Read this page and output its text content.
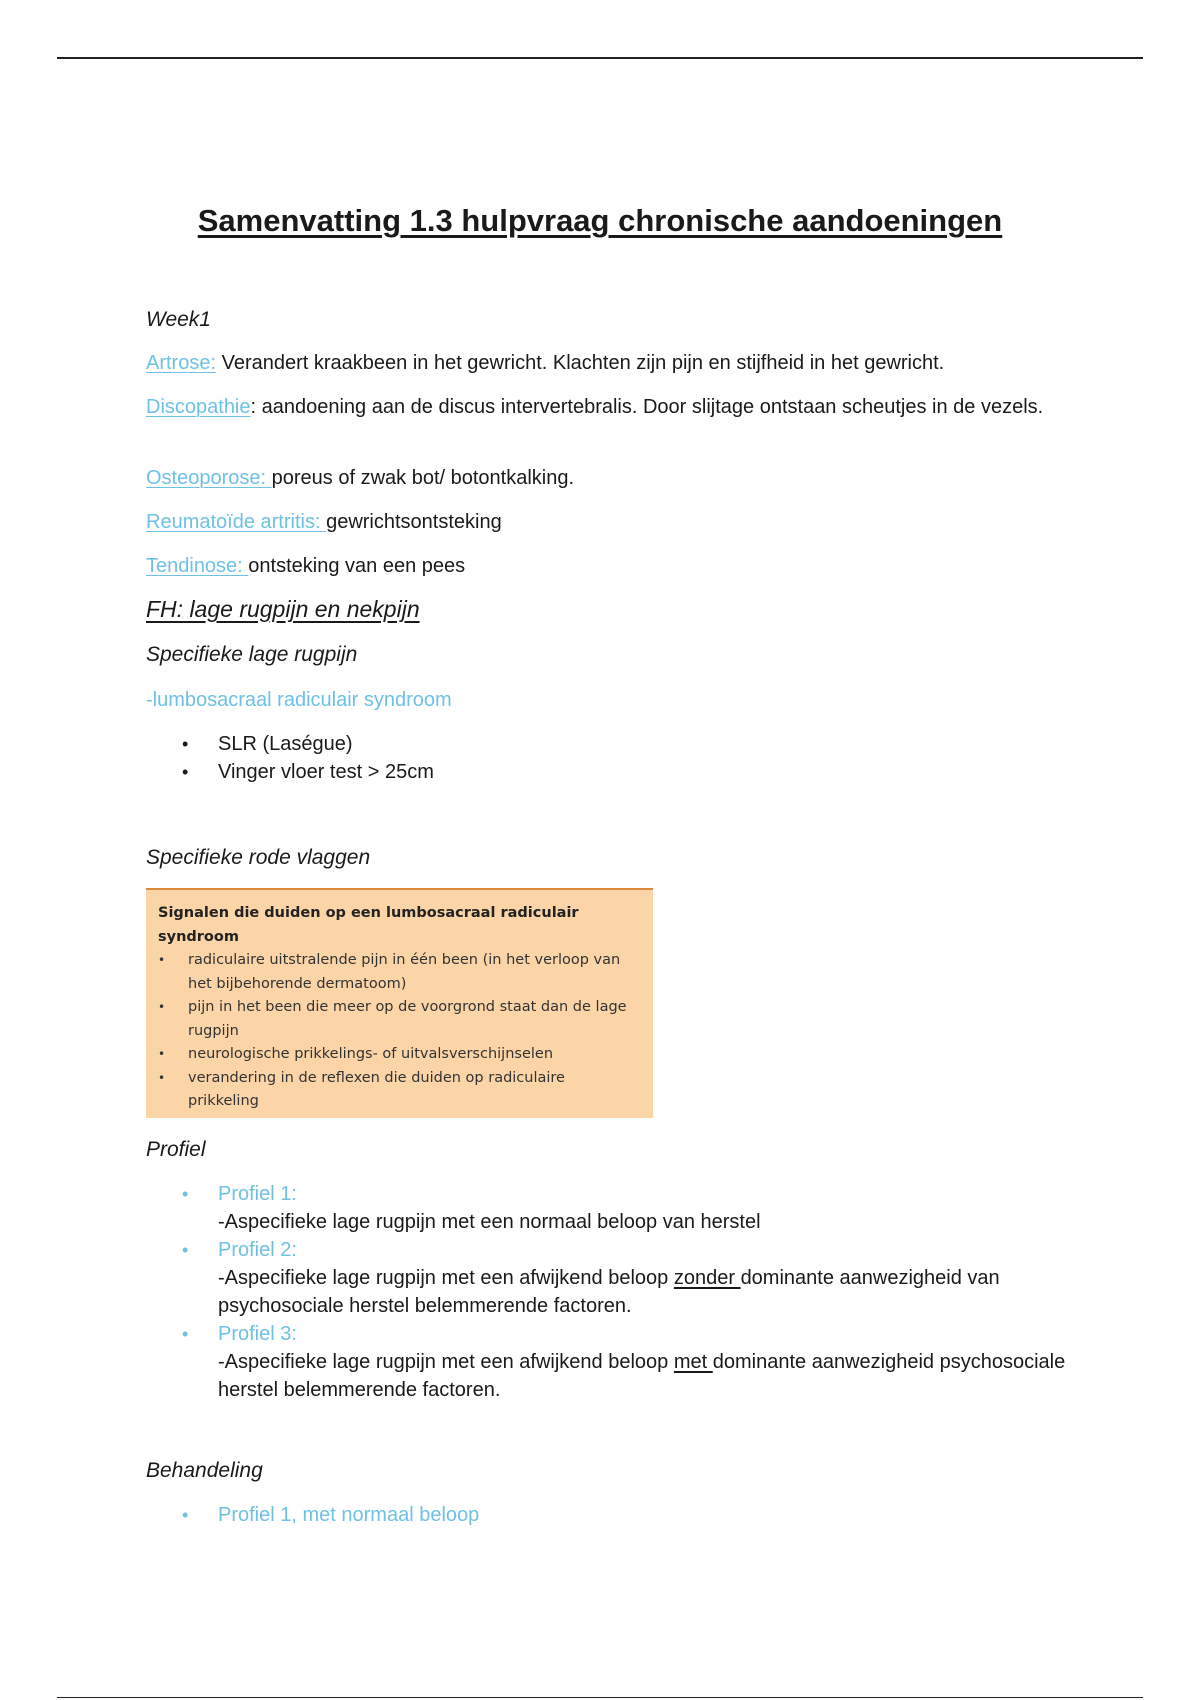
Samenvatting 1.3 hulpvraag chronische aandoeningen

Week1

Artrose: Verandert kraakbeen in het gewricht. Klachten zijn pijn en stijfheid in het gewricht.

Discopathie: aandoening aan de discus intervertebralis. Door slijtage ontstaan scheutjes in de vezels.

Osteoporose: poreus of zwak bot/ botontkalking.

Reumatoïde artritis: gewrichtsontsteking

Tendinose: ontsteking van een pees

FH: lage rugpijn en nekpijn

Specifieke lage rugpijn

-lumbosacraal radiculair syndroom

• SLR (Laségue)
• Vinger vloer test > 25cm

Specifieke rode vlaggen

Profiel

• Profiel 1:
-Aspecifieke lage rugpijn met een normaal beloop van herstel
• Profiel 2:
-Aspecifieke lage rugpijn met een afwijkend beloop zonder dominante aanwezigheid van psychosociale herstel belemmerende factoren.
• Profiel 3:
-Aspecifieke lage rugpijn met een afwijkend beloop met dominante aanwezigheid psychosociale herstel belemmerende factoren.

Behandeling

• Profiel 1, met normaal beloop
Signalen die duiden op een lumbosacraal radiculair syndroom
• radiculaire uitstralende pijn in één been (in het verloop van het bijbehorende dermatoom)
• pijn in het been die meer op de voorgrond staat dan de lage rugpijn
• neurologische prikkelings- of uitvalsverschijnselen
• verandering in de reflexen die duiden op radiculaire prikkeling
